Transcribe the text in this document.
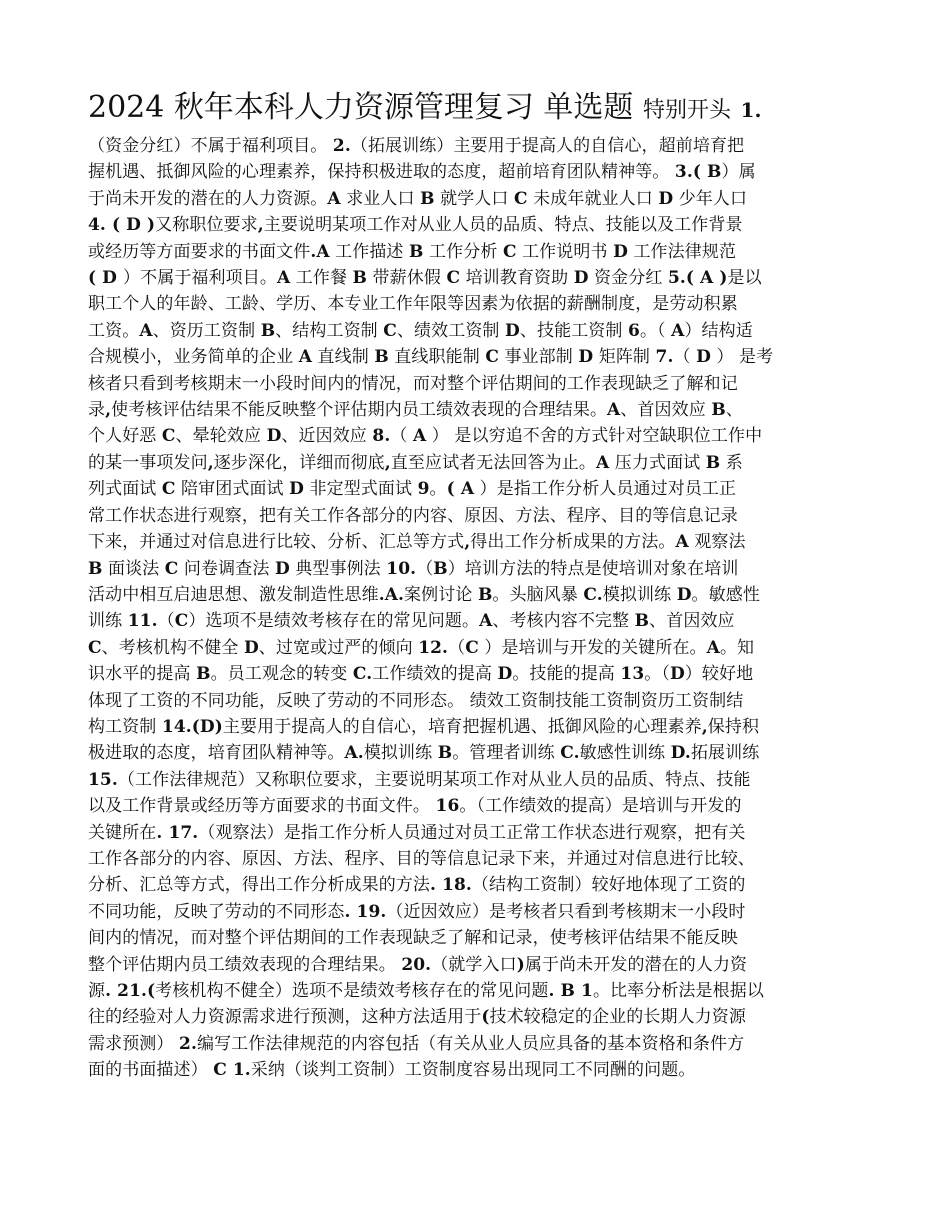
2024 秋年本科人力资源管理复习 单选题 特别开头 1.

（资金分红）不属于福利项目。 2.（拓展训练）主要用于提高人的自信心，超前培育把

握机遇、抵御风险的心理素养，保持积极进取的态度，超前培育团队精神等。 3.( B）属

于尚未开发的潜在的人力资源。A 求业人口 B 就学人口 C 未成年就业人口 D 少年人口

4. ( D )又称职位要求,主要说明某项工作对从业人员的品质、特点、技能以及工作背景

或经历等方面要求的书面文件.A 工作描述 B 工作分析 C 工作说明书 D 工作法律规范

( D ）不属于福利项目。A 工作餐 B 带薪休假 C 培训教育资助 D 资金分红 5.( A )是以

职工个人的年龄、工龄、学历、本专业工作年限等因素为依据的薪酬制度，是劳动积累

工资。A、资历工资制 B、结构工资制 C、绩效工资制 D、技能工资制 6。（ A）结构适

合规模小，业务简单的企业 A 直线制 B 直线职能制 C 事业部制 D 矩阵制 7.（ D ） 是考

核者只看到考核期末一小段时间内的情况，而对整个评估期间的工作表现缺乏了解和记

录,使考核评估结果不能反映整个评估期内员工绩效表现的合理结果。A、首因效应 B、

个人好恶 C、晕轮效应 D、近因效应 8.（ A ） 是以穷追不舍的方式针对空缺职位工作中

的某一事项发问,逐步深化，详细而彻底,直至应试者无法回答为止。A 压力式面试 B 系

列式面试 C 陪审团式面试 D 非定型式面试 9。( A ）是指工作分析人员通过对员工正

常工作状态进行观察，把有关工作各部分的内容、原因、方法、程序、目的等信息记录

下来，并通过对信息进行比较、分析、汇总等方式,得出工作分析成果的方法。A 观察法

B 面谈法 C 问卷调查法 D 典型事例法 10.（B）培训方法的特点是使培训对象在培训

活动中相互启迪思想、激发制造性思维.A.案例讨论 B。头脑风暴 C.模拟训练 D。敏感性

训练 11.（C）选项不是绩效考核存在的常见问题。A、考核内容不完整 B、首因效应

C、考核机构不健全 D、过宽或过严的倾向 12.（C ）是培训与开发的关键所在。A。知

识水平的提高 B。员工观念的转变 C.工作绩效的提高 D。技能的提高 13。（D）较好地

体现了工资的不同功能，反映了劳动的不同形态。 绩效工资制技能工资制资历工资制结

构工资制 14.(D)主要用于提高人的自信心，培育把握机遇、抵御风险的心理素养,保持积

极进取的态度，培育团队精神等。A.模拟训练 B。管理者训练 C.敏感性训练 D.拓展训练

15.（工作法律规范）又称职位要求，主要说明某项工作对从业人员的品质、特点、技能

以及工作背景或经历等方面要求的书面文件。 16。（工作绩效的提高）是培训与开发的

关键所在. 17.（观察法）是指工作分析人员通过对员工正常工作状态进行观察，把有关

工作各部分的内容、原因、方法、程序、目的等信息记录下来，并通过对信息进行比较、

分析、汇总等方式，得出工作分析成果的方法. 18.（结构工资制）较好地体现了工资的

不同功能，反映了劳动的不同形态. 19.（近因效应）是考核者只看到考核期末一小段时

间内的情况，而对整个评估期间的工作表现缺乏了解和记录，使考核评估结果不能反映

整个评估期内员工绩效表现的合理结果。 20.（就学入口)属于尚未开发的潜在的人力资

源. 21.(考核机构不健全）选项不是绩效考核存在的常见问题. B 1。比率分析法是根据以

往的经验对人力资源需求进行预测，这种方法适用于(技术较稳定的企业的长期人力资源

需求预测） 2.编写工作法律规范的内容包括（有关从业人员应具备的基本资格和条件方

面的书面描述） C 1.采纳（谈判工资制）工资制度容易出现同工不同酬的问题。
